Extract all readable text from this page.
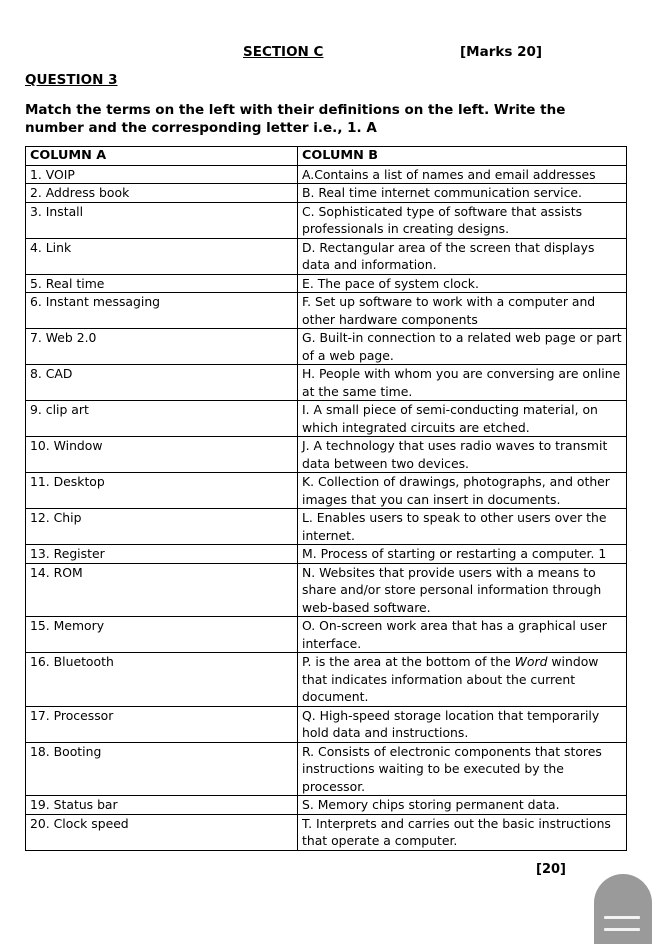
SECTION C	[Marks 20]
QUESTION 3
Match the terms on the left with their definitions on the left. Write the number and the corresponding letter i.e., 1. A
COLUMN A	COLUMN B
1. VOIP	A.Contains a list of names and email addresses
2. Address book	B. Real time internet communication service.
3. Install	C. Sophisticated type of software that assists professionals in creating designs.
4. Link	D. Rectangular area of the screen that displays data and information.
5. Real time	E. The pace of system clock.
6. Instant messaging	F. Set up software to work with a computer and other hardware components
7. Web 2.0	G. Built-in connection to a related web page or part of a web page.
8. CAD	H. People with whom you are conversing are online at the same time.
9. clip art	I. A small piece of semi-conducting material, on which integrated circuits are etched.
10. Window	J. A technology that uses radio waves to transmit data between two devices.
11. Desktop	K. Collection of drawings, photographs, and other images that you can insert in documents.
12. Chip	L. Enables users to speak to other users over the internet.
13. Register	M. Process of starting or restarting a computer. 1
14. ROM	N. Websites that provide users with a means to share and/or store personal information through web-based software.
15. Memory	O. On-screen work area that has a graphical user interface.
16. Bluetooth	P. is the area at the bottom of the Word window that indicates information about the current document.
17. Processor	Q. High-speed storage location that temporarily hold data and instructions.
18. Booting	R. Consists of electronic components that stores instructions waiting to be executed by the processor.
19. Status bar	S. Memory chips storing permanent data.
20. Clock speed	T. Interprets and carries out the basic instructions that operate a computer.
[20]
